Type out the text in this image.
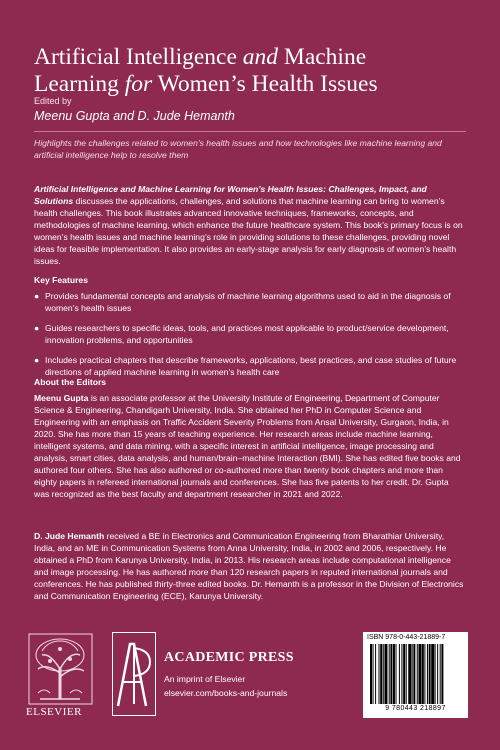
Artificial Intelligence and Machine
Learning for Women’s Health Issues
Edited by
Meenu Gupta and D. Jude Hemanth

Highlights the challenges related to women’s health issues and how technologies like machine learning and artificial intelligence help to resolve them

Artificial Intelligence and Machine Learning for Women’s Health Issues: Challenges, Impact, and Solutions discusses the applications, challenges, and solutions that machine learning can bring to women’s health challenges. This book illustrates advanced innovative techniques, frameworks, concepts, and methodologies of machine learning, which enhance the future healthcare system. This book’s primary focus is on women’s health issues and machine learning’s role in providing solutions to these challenges, providing novel ideas for feasible implementation. It also provides an early-stage analysis for early diagnosis of women’s health issues.

Key Features
● Provides fundamental concepts and analysis of machine learning algorithms used to aid in the diagnosis of women’s health issues
● Guides researchers to specific ideas, tools, and practices most applicable to product/service development, innovation problems, and opportunities
● Includes practical chapters that describe frameworks, applications, best practices, and case studies of future directions of applied machine learning in women’s health care
About the Editors

Meenu Gupta is an associate professor at the University Institute of Engineering, Department of Computer Science & Engineering, Chandigarh University, India. She obtained her PhD in Computer Science and Engineering with an emphasis on Traffic Accident Severity Problems from Ansal University, Gurgaon, India, in 2020. She has more than 15 years of teaching experience. Her research areas include machine learning, intelligent systems, and data mining, with a specific interest in artificial intelligence, image processing and analysis, smart cities, data analysis, and human/brain–machine Interaction (BMI). She has edited five books and authored four others. She has also authored or co-authored more than twenty book chapters and more than eighty papers in refereed international journals and conferences. She has five patents to her credit. Dr. Gupta was recognized as the best faculty and department researcher in 2021 and 2022.

D. Jude Hemanth received a BE in Electronics and Communication Engineering from Bharathiar University, India, and an ME in Communication Systems from Anna University, India, in 2002 and 2006, respectively. He obtained a PhD from Karunya University, India, in 2013. His research areas include computational intelligence and image processing. He has authored more than 120 research papers in reputed international journals and conferences. He has published thirty-three edited books. Dr. Hemanth is a professor in the Division of Electronics and Communication Engineering (ECE), Karunya University.

ELSEVIER
ACADEMIC PRESS
An imprint of Elsevier
elsevier.com/books-and-journals
ISBN 978-0-443-21889-7
9 780443 218897
